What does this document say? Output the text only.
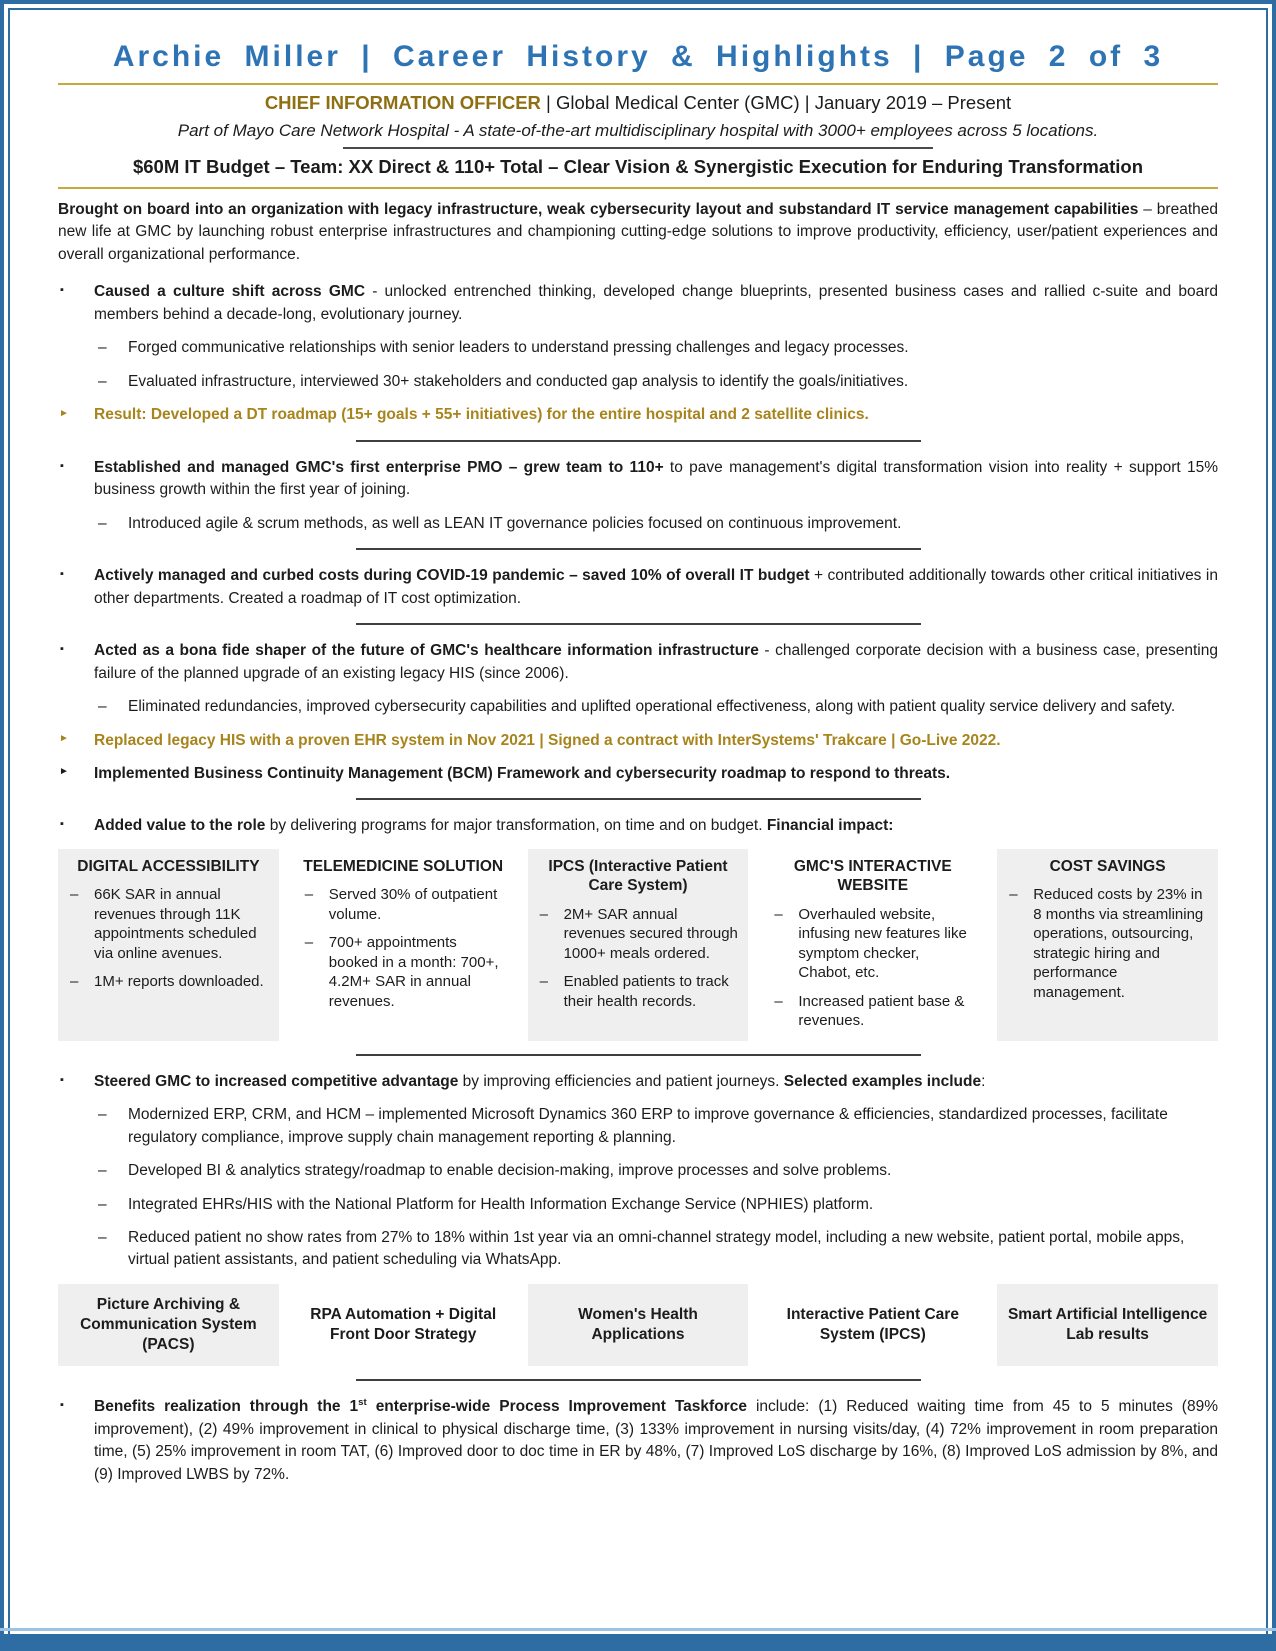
Archie Miller | Career History & Highlights | Page 2 of 3
CHIEF INFORMATION OFFICER | Global Medical Center (GMC) | January 2019 – Present
Part of Mayo Care Network Hospital - A state-of-the-art multidisciplinary hospital with 3000+ employees across 5 locations.
$60M IT Budget – Team: XX Direct & 110+ Total – Clear Vision & Synergistic Execution for Enduring Transformation
Brought on board into an organization with legacy infrastructure, weak cybersecurity layout and substandard IT service management capabilities – breathed new life at GMC by launching robust enterprise infrastructures and championing cutting-edge solutions to improve productivity, efficiency, user/patient experiences and overall organizational performance.
▪ Caused a culture shift across GMC - unlocked entrenched thinking, developed change blueprints, presented business cases and rallied c-suite and board members behind a decade-long, evolutionary journey.
– Forged communicative relationships with senior leaders to understand pressing challenges and legacy processes.
– Evaluated infrastructure, interviewed 30+ stakeholders and conducted gap analysis to identify the goals/initiatives.
► Result: Developed a DT roadmap (15+ goals + 55+ initiatives) for the entire hospital and 2 satellite clinics.
▪ Established and managed GMC's first enterprise PMO – grew team to 110+ to pave management's digital transformation vision into reality + support 15% business growth within the first year of joining.
– Introduced agile & scrum methods, as well as LEAN IT governance policies focused on continuous improvement.
▪ Actively managed and curbed costs during COVID-19 pandemic – saved 10% of overall IT budget + contributed additionally towards other critical initiatives in other departments. Created a roadmap of IT cost optimization.
▪ Acted as a bona fide shaper of the future of GMC's healthcare information infrastructure - challenged corporate decision with a business case, presenting failure of the planned upgrade of an existing legacy HIS (since 2006).
– Eliminated redundancies, improved cybersecurity capabilities and uplifted operational effectiveness, along with patient quality service delivery and safety.
► Replaced legacy HIS with a proven EHR system in Nov 2021 | Signed a contract with InterSystems' Trakcare | Go-Live 2022.
► Implemented Business Continuity Management (BCM) Framework and cybersecurity roadmap to respond to threats.
▪ Added value to the role by delivering programs for major transformation, on time and on budget. Financial impact:
DIGITAL ACCESSIBILITY
– 66K SAR in annual revenues through 11K appointments scheduled via online avenues.
– 1M+ reports downloaded.
TELEMEDICINE SOLUTION
– Served 30% of outpatient volume.
– 700+ appointments booked in a month: 700+, 4.2M+ SAR in annual revenues.
IPCS (Interactive Patient Care System)
– 2M+ SAR annual revenues secured through 1000+ meals ordered.
– Enabled patients to track their health records.
GMC'S INTERACTIVE WEBSITE
– Overhauled website, infusing new features like symptom checker, Chabot, etc.
– Increased patient base & revenues.
COST SAVINGS
– Reduced costs by 23% in 8 months via streamlining operations, outsourcing, strategic hiring and performance management.
▪ Steered GMC to increased competitive advantage by improving efficiencies and patient journeys. Selected examples include:
– Modernized ERP, CRM, and HCM – implemented Microsoft Dynamics 360 ERP to improve governance & efficiencies, standardized processes, facilitate regulatory compliance, improve supply chain management reporting & planning.
– Developed BI & analytics strategy/roadmap to enable decision-making, improve processes and solve problems.
– Integrated EHRs/HIS with the National Platform for Health Information Exchange Service (NPHIES) platform.
– Reduced patient no show rates from 27% to 18% within 1st year via an omni-channel strategy model, including a new website, patient portal, mobile apps, virtual patient assistants, and patient scheduling via WhatsApp.
Picture Archiving & Communication System (PACS)
RPA Automation + Digital Front Door Strategy
Women's Health Applications
Interactive Patient Care System (IPCS)
Smart Artificial Intelligence Lab results
▪ Benefits realization through the 1st enterprise-wide Process Improvement Taskforce include: (1) Reduced waiting time from 45 to 5 minutes (89% improvement), (2) 49% improvement in clinical to physical discharge time, (3) 133% improvement in nursing visits/day, (4) 72% improvement in room preparation time, (5) 25% improvement in room TAT, (6) Improved door to doc time in ER by 48%, (7) Improved LoS discharge by 16%, (8) Improved LoS admission by 8%, and (9) Improved LWBS by 72%.
